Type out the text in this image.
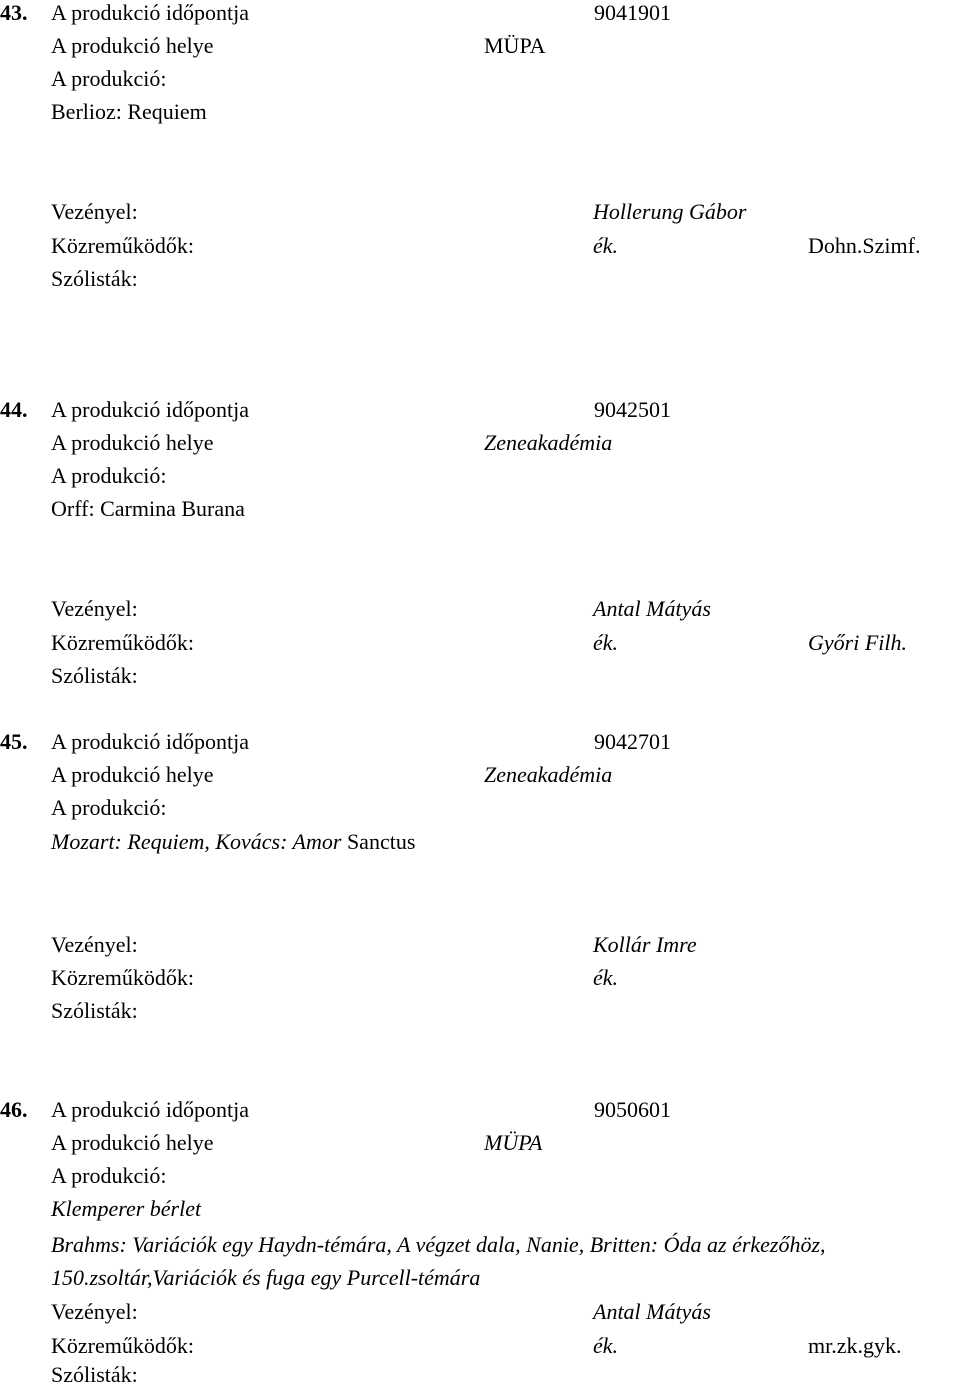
43. A produkció időpontja	9041901
A produkció helye	MÜPA
A produkció:
Berlioz: Requiem
Vezényel:	Hollerung Gábor
Közreműködők:	ék.	Dohn.Szimf.
Szólisták:
44. A produkció időpontja	9042501
A produkció helye	Zeneakadémia
A produkció:
Orff: Carmina Burana
Vezényel:	Antal Mátyás
Közreműködők:	ék.	Győri Filh.
Szólisták:
45. A produkció időpontja	9042701
A produkció helye	Zeneakadémia
A produkció:
Mozart: Requiem, Kovács: Amor Sanctus
Vezényel:	Kollár Imre
Közreműködők:	ék.
Szólisták:
46. A produkció időpontja	9050601
A produkció helye	MÜPA
A produkció:
Klemperer bérlet
Brahms: Variációk egy Haydn-témára, A végzet dala, Nanie, Britten: Óda az érkezőhöz,
150.zsoltár,Variációk és fuga egy Purcell-témára
Vezényel:	Antal Mátyás
Közreműködők:	ék.	mr.zk.gyk.
Szólisták:
